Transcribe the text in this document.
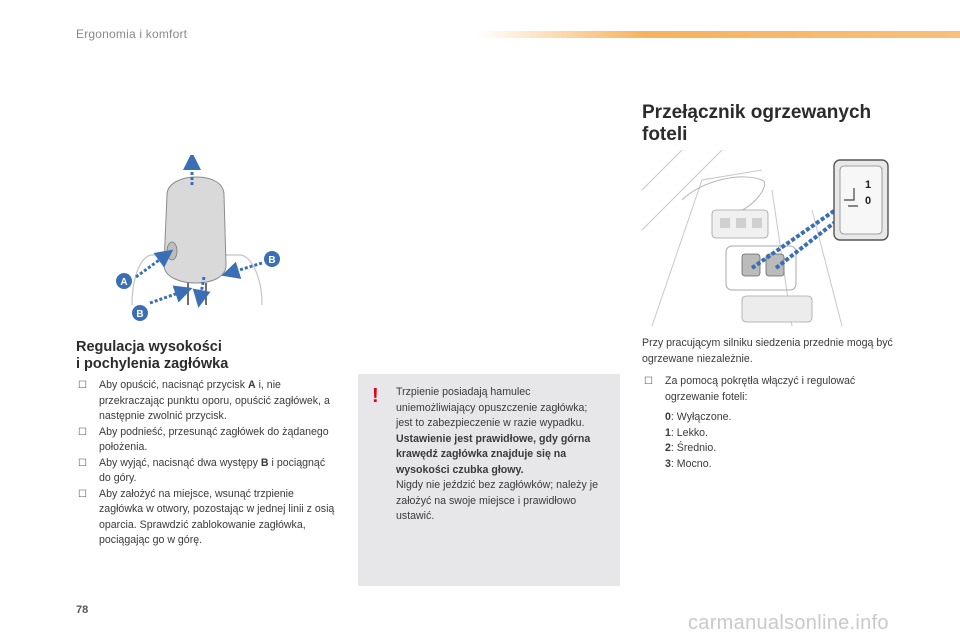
Ergonomia i komfort
A
B
B
1
0
Przełącznik ogrzewanych
foteli
Regulacja wysokości
i pochylenia zagłówka
☐ Aby opuścić, nacisnąć przycisk A i, nie przekraczając punktu oporu, opuścić zagłówek, a następnie zwolnić przycisk.
☐ Aby podnieść, przesunąć zagłówek do żądanego położenia.
☐ Aby wyjąć, nacisnąć dwa występy B i pociągnąć do góry.
☐ Aby założyć na miejsce, wsunąć trzpienie zagłówka w otwory, pozostając w jednej linii z osią oparcia. Sprawdzić zablokowanie zagłówka, pociągając go w górę.
! Trzpienie posiadają hamulec uniemożliwiający opuszczenie zagłówka; jest to zabezpieczenie w razie wypadku.
Ustawienie jest prawidłowe, gdy górna krawędź zagłówka znajduje się na wysokości czubka głowy.
Nigdy nie jeździć bez zagłówków; należy je założyć na swoje miejsce i prawidłowo ustawić.
Przy pracującym silniku siedzenia przednie mogą być ogrzewane niezależnie.
☐ Za pomocą pokrętła włączyć i regulować ogrzewanie foteli:
0: Wyłączone.
1: Lekko.
2: Średnio.
3: Mocno.
78
carmanualsonline.info
